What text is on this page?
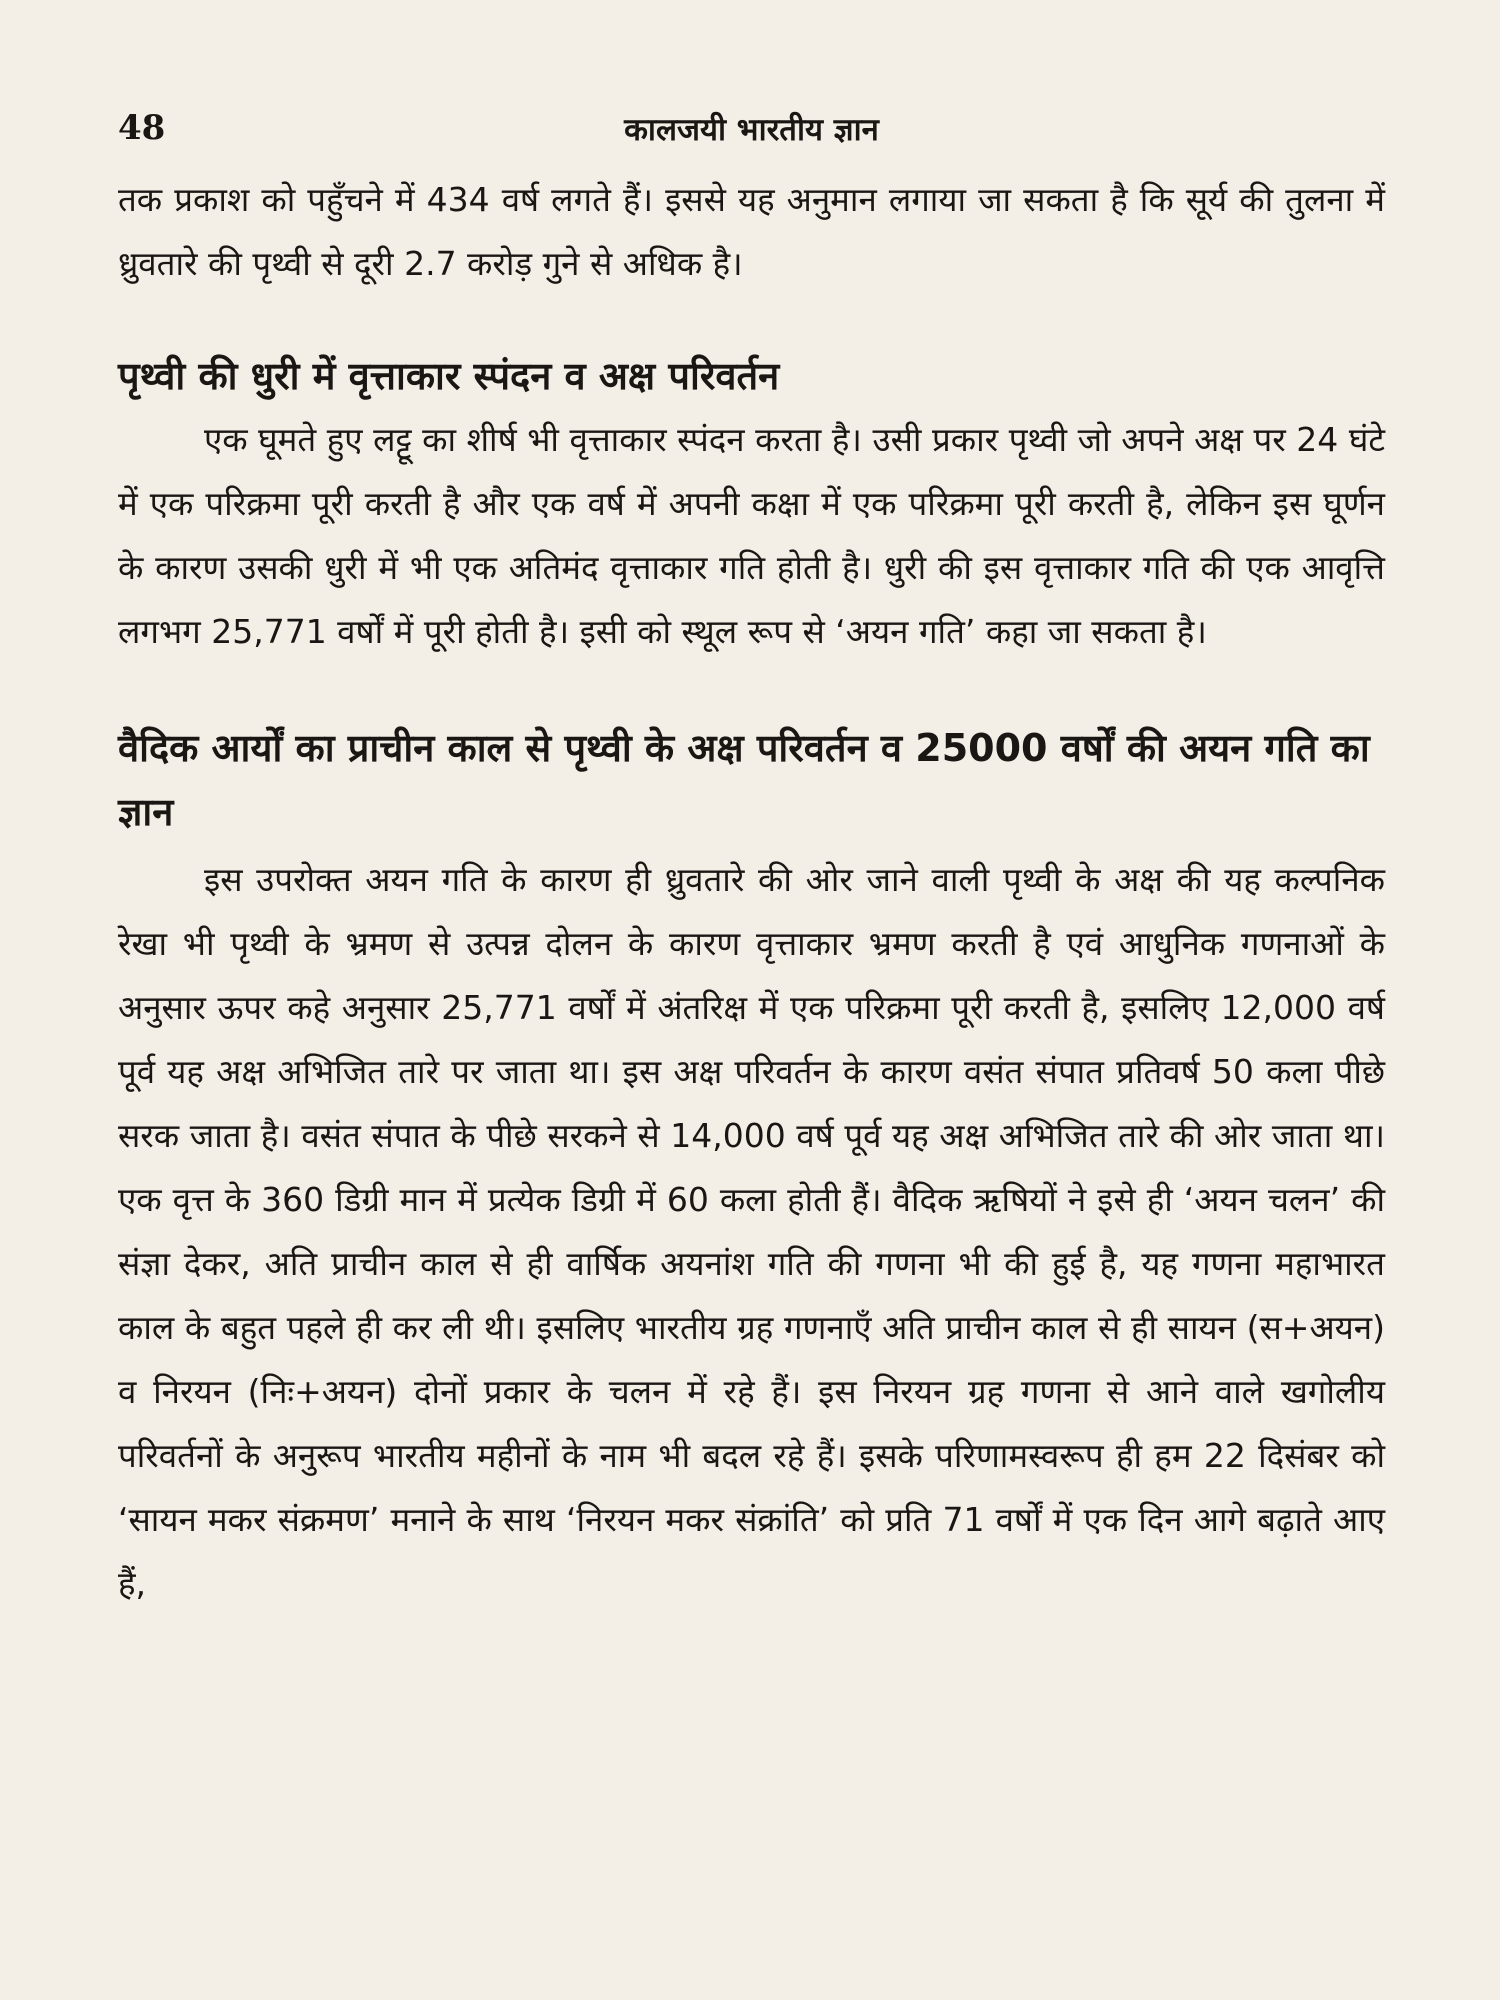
48	कालजयी भारतीय ज्ञान

तक प्रकाश को पहुँचने में 434 वर्ष लगते हैं। इससे यह अनुमान लगाया जा सकता है कि सूर्य की तुलना में ध्रुवतारे की पृथ्वी से दूरी 2.7 करोड़ गुने से अधिक है।

पृथ्वी की धुरी में वृत्ताकार स्पंदन व अक्ष परिवर्तन

एक घूमते हुए लट्टू का शीर्ष भी वृत्ताकार स्पंदन करता है। उसी प्रकार पृथ्वी जो अपने अक्ष पर 24 घंटे में एक परिक्रमा पूरी करती है और एक वर्ष में अपनी कक्षा में एक परिक्रमा पूरी करती है, लेकिन इस घूर्णन के कारण उसकी धुरी में भी एक अतिमंद वृत्ताकार गति होती है। धुरी की इस वृत्ताकार गति की एक आवृत्ति लगभग 25,771 वर्षों में पूरी होती है। इसी को स्थूल रूप से ‘अयन गति’ कहा जा सकता है।

वैदिक आर्यों का प्राचीन काल से पृथ्वी के अक्ष परिवर्तन व 25000 वर्षों की अयन गति का ज्ञान

इस उपरोक्त अयन गति के कारण ही ध्रुवतारे की ओर जाने वाली पृथ्वी के अक्ष की यह कल्पनिक रेखा भी पृथ्वी के भ्रमण से उत्पन्न दोलन के कारण वृत्ताकार भ्रमण करती है एवं आधुनिक गणनाओं के अनुसार ऊपर कहे अनुसार 25,771 वर्षों में अंतरिक्ष में एक परिक्रमा पूरी करती है, इसलिए 12,000 वर्ष पूर्व यह अक्ष अभिजित तारे पर जाता था। इस अक्ष परिवर्तन के कारण वसंत संपात प्रतिवर्ष 50 कला पीछे सरक जाता है। वसंत संपात के पीछे सरकने से 14,000 वर्ष पूर्व यह अक्ष अभिजित तारे की ओर जाता था। एक वृत्त के 360 डिग्री मान में प्रत्येक डिग्री में 60 कला होती हैं। वैदिक ऋषियों ने इसे ही ‘अयन चलन’ की संज्ञा देकर, अति प्राचीन काल से ही वार्षिक अयनांश गति की गणना भी की हुई है, यह गणना महाभारत काल के बहुत पहले ही कर ली थी। इसलिए भारतीय ग्रह गणनाएँ अति प्राचीन काल से ही सायन (स+अयन) व निरयन (निः+अयन) दोनों प्रकार के चलन में रहे हैं। इस निरयन ग्रह गणना से आने वाले खगोलीय परिवर्तनों के अनुरूप भारतीय महीनों के नाम भी बदल रहे हैं। इसके परिणामस्वरूप ही हम 22 दिसंबर को ‘सायन मकर संक्रमण’ मनाने के साथ ‘निरयन मकर संक्रांति’ को प्रति 71 वर्षों में एक दिन आगे बढ़ाते आए हैं,
